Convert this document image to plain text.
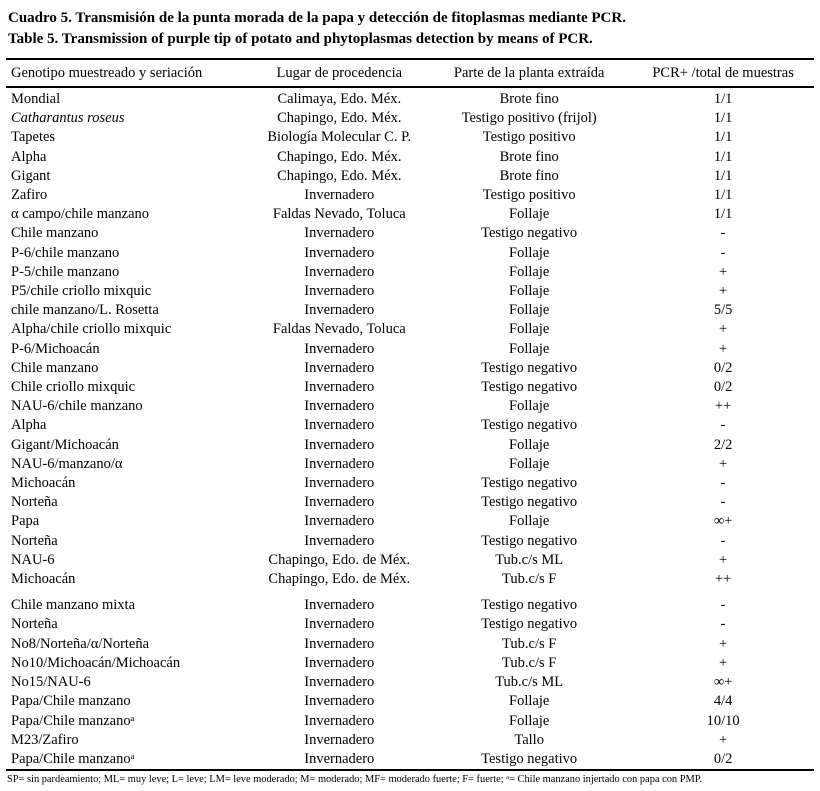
Cuadro 5. Transmisión de la punta morada de la papa y detección de fitoplasmas mediante PCR.
Table 5. Transmission of purple tip of potato and phytoplasmas detection by means of PCR.
Genotipo muestreado y seriación	Lugar de procedencia	Parte de la planta extraída	PCR+ /total de muestras
Mondial	Calimaya, Edo. Méx.	Brote fino	1/1
Catharantus roseus	Chapingo, Edo. Méx.	Testigo positivo (frijol)	1/1
Tapetes	Biología Molecular C. P.	Testigo positivo	1/1
Alpha	Chapingo, Edo. Méx.	Brote fino	1/1
Gigant	Chapingo, Edo. Méx.	Brote fino	1/1
Zafiro	Invernadero	Testigo positivo	1/1
α campo/chile manzano	Faldas Nevado, Toluca	Follaje	1/1
Chile manzano	Invernadero	Testigo negativo	-
P-6/chile manzano	Invernadero	Follaje	-
P-5/chile manzano	Invernadero	Follaje	+
P5/chile criollo mixquic	Invernadero	Follaje	+
chile manzano/L. Rosetta	Invernadero	Follaje	5/5
Alpha/chile criollo mixquic	Faldas Nevado, Toluca	Follaje	+
P-6/Michoacán	Invernadero	Follaje	+
Chile manzano	Invernadero	Testigo negativo	0/2
Chile criollo mixquic	Invernadero	Testigo negativo	0/2
NAU-6/chile manzano	Invernadero	Follaje	++
Alpha	Invernadero	Testigo negativo	-
Gigant/Michoacán	Invernadero	Follaje	2/2
NAU-6/manzano/α	Invernadero	Follaje	+
Michoacán	Invernadero	Testigo negativo	-
Norteña	Invernadero	Testigo negativo	-
Papa	Invernadero	Follaje	∞+
Norteña	Invernadero	Testigo negativo	-
NAU-6	Chapingo, Edo. de Méx.	Tub.c/s ML	+
Michoacán	Chapingo, Edo. de Méx.	Tub.c/s F	++
Chile manzano mixta	Invernadero	Testigo negativo	-
Norteña	Invernadero	Testigo negativo	-
No8/Norteña/α/Norteña	Invernadero	Tub.c/s F	+
No10/Michoacán/Michoacán	Invernadero	Tub.c/s F	+
No15/NAU-6	Invernadero	Tub.c/s ML	∞+
Papa/Chile manzano	Invernadero	Follaje	4/4
Papa/Chile manzanoᵃ	Invernadero	Follaje	10/10
M23/Zafiro	Invernadero	Tallo	+
Papa/Chile manzanoᵃ	Invernadero	Testigo negativo	0/2
SP= sin pardeamiento; ML= muy leve; L= leve; LM= leve moderado; M= moderado; MF= moderado fuerte; F= fuerte; ᵃ= Chile manzano injertado con papa con PMP.
